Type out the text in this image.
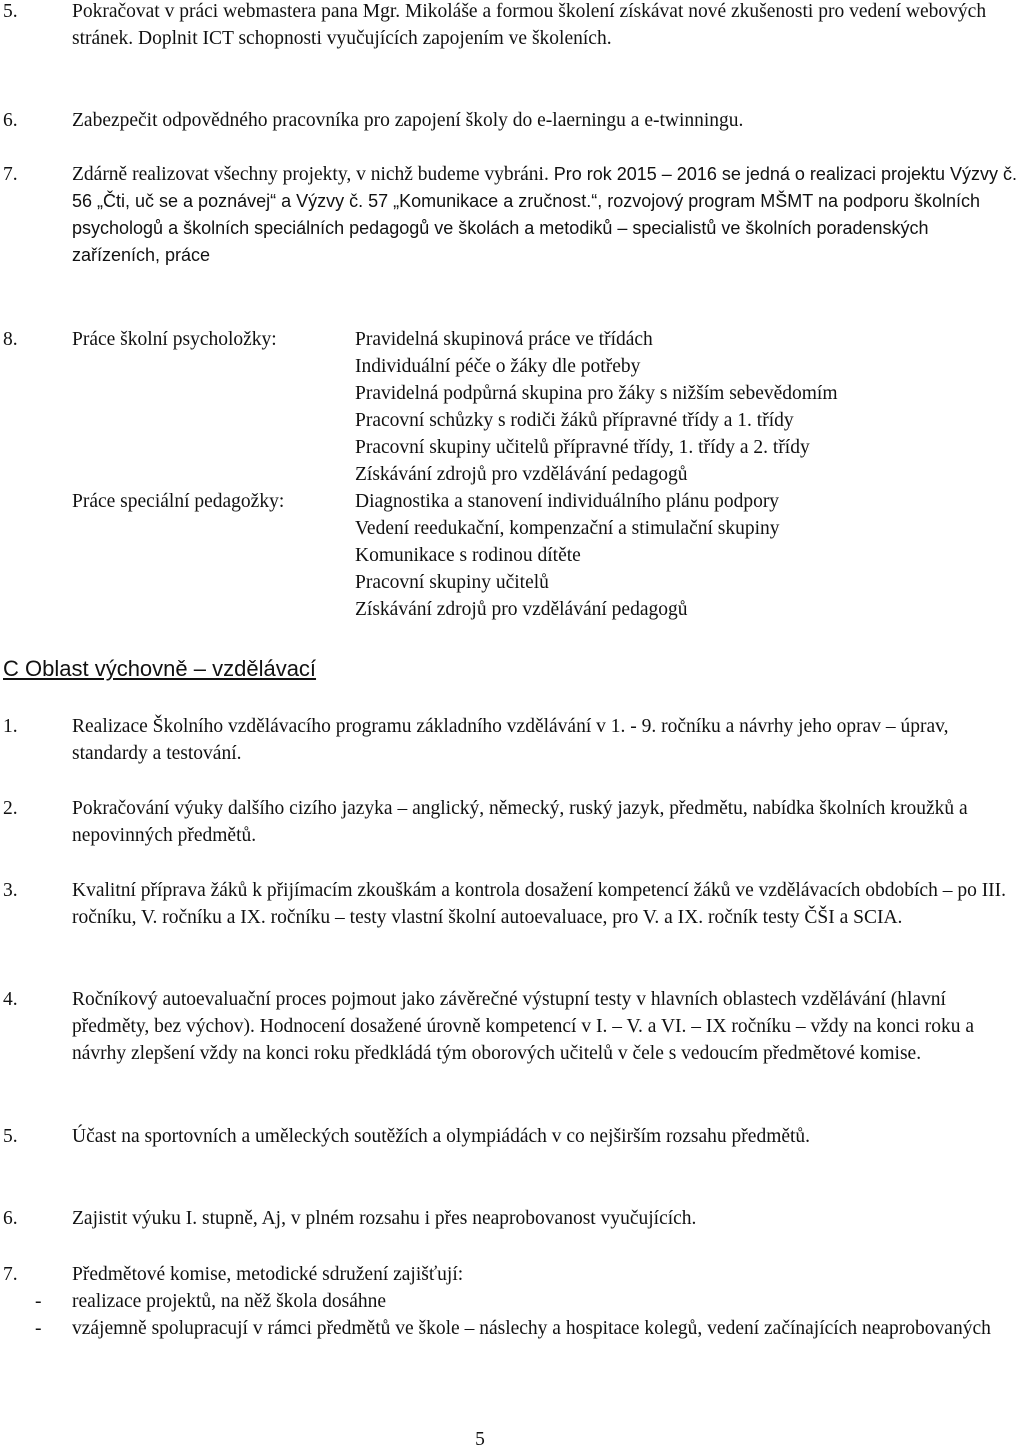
5.	Pokračovat v práci webmastera pana Mgr. Mikoláše a formou školení získávat nové zkušenosti pro vedení webových stránek. Doplnit ICT schopnosti vyučujících zapojením ve školeních.
6.	Zabezpečit odpovědného pracovníka pro zapojení školy do e-laerningu a e-twinningu.
7.	Zdárně realizovat všechny projekty, v nichž budeme vybráni. Pro rok 2015 – 2016 se jedná o realizaci projektu Výzvy č. 56 „Čti, uč se a poznávej“ a Výzvy č. 57 „Komunikace a zručnost.“, rozvojový program MŠMT na podporu školních psychologů a školních speciálních pedagogů ve školách a metodiků – specialistů ve školních poradenských zařízeních, práce
8.	Práce školní psycholožky:	Pravidelná skupinová práce ve třídách
Individuální péče o žáky dle potřeby
Pravidelná podpůrná skupina pro žáky s nižším sebevědomím
Pracovní schůzky s rodiči žáků přípravné třídy a 1. třídy
Pracovní skupiny učitelů přípravné třídy, 1. třídy a 2. třídy
Získávání zdrojů pro vzdělávání pedagogů
Práce speciální pedagožky:	Diagnostika a stanovení individuálního plánu podpory
Vedení reedukační, kompenzační a stimulační skupiny
Komunikace s rodinou dítěte
Pracovní skupiny učitelů
Získávání zdrojů pro vzdělávání pedagogů
C Oblast výchovně – vzdělávací
1.	Realizace Školního vzdělávacího programu základního vzdělávání v 1. - 9. ročníku a návrhy jeho oprav – úprav, standardy a testování.
2.	Pokračování výuky dalšího cizího jazyka – anglický, německý, ruský jazyk, předmětu, nabídka školních kroužků a nepovinných předmětů.
3.	Kvalitní příprava žáků k přijímacím zkouškám a kontrola dosažení kompetencí žáků ve vzdělávacích obdobích – po III. ročníku, V. ročníku a IX. ročníku – testy vlastní školní autoevaluace, pro V. a IX. ročník testy ČŠI a SCIA.
4.	Ročníkový autoevaluační proces pojmout jako závěrečné výstupní testy v hlavních oblastech vzdělávání (hlavní předměty, bez výchov). Hodnocení dosažené úrovně kompetencí v I. – V. a VI. – IX ročníku – vždy na konci roku a návrhy zlepšení vždy na konci roku předkládá tým oborových učitelů v čele s vedoucím předmětové komise.
5.	Účast na sportovních a uměleckých soutěžích a olympiádách v co nejširším rozsahu předmětů.
6.	Zajistit výuku I. stupně, Aj, v plném rozsahu i přes neaprobovanost vyučujících.
7.	Předmětové komise, metodické sdružení zajišťují:
- realizace projektů, na něž škola dosáhne
- vzájemně spolupracují v rámci předmětů ve škole – náslechy a hospitace kolegů, vedení začínajících neaprobovaných
5
